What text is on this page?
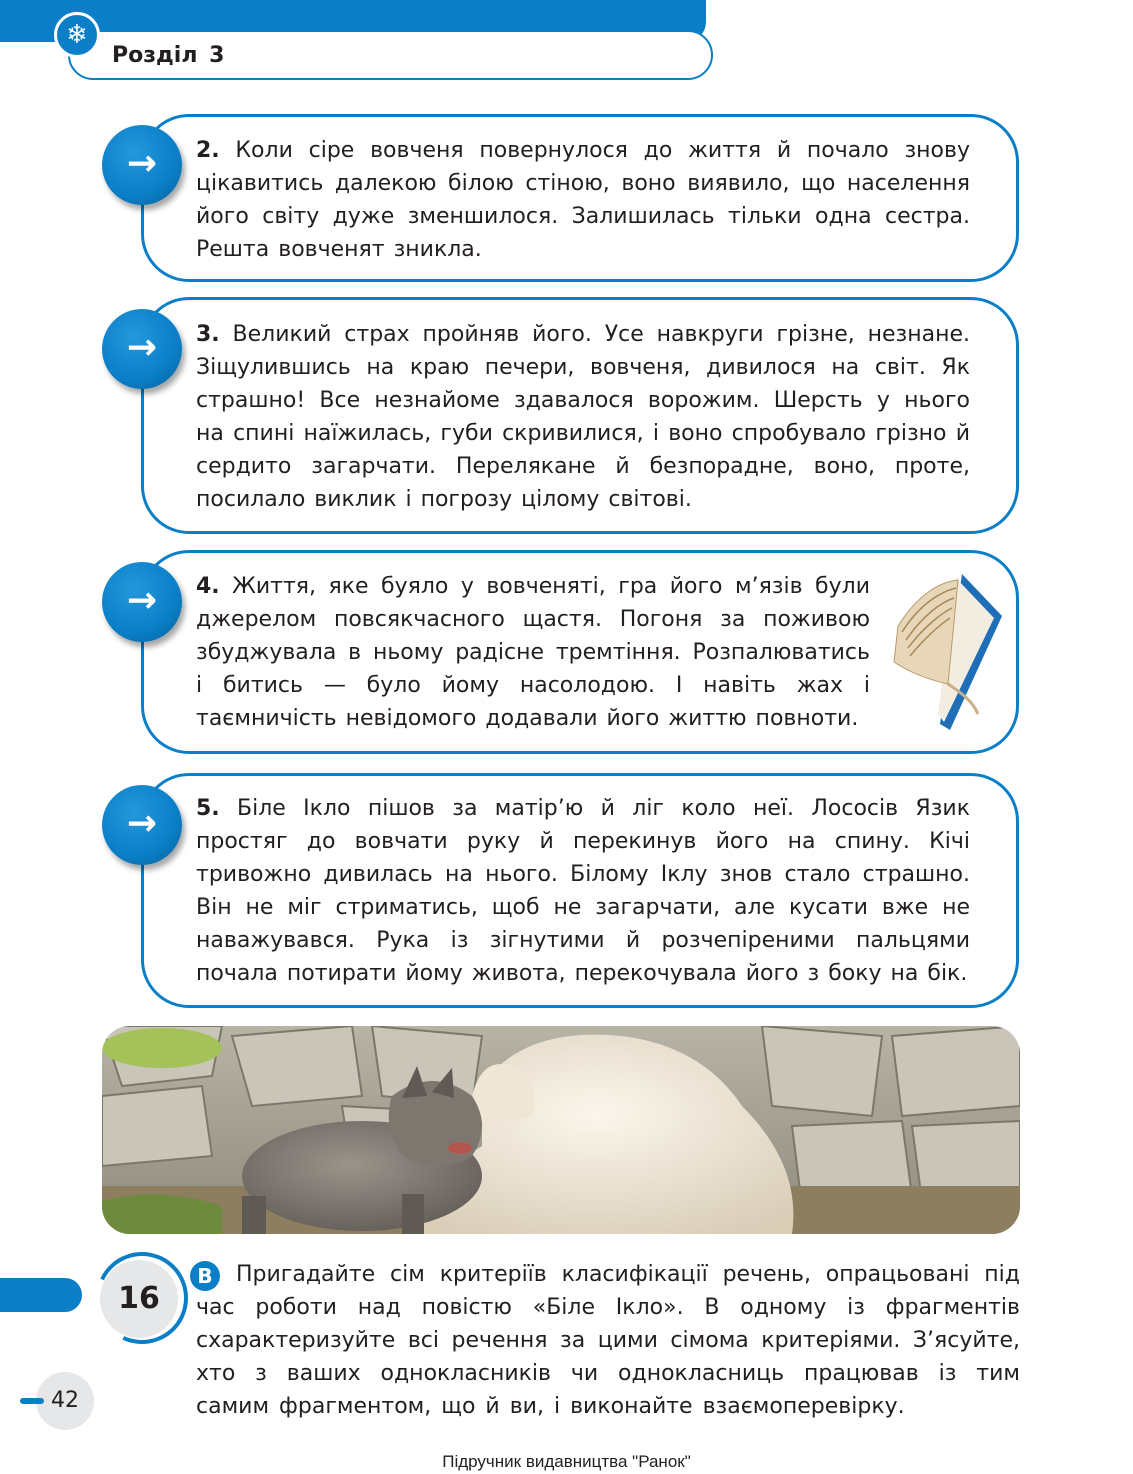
❄
Розділ 3
→	2. Коли сіре вовченя повернулося до життя й почало знову цікавитись далекою білою стіною, воно виявило, що населення його світу дуже зменшилося. Залишилась тільки одна сестра. Решта вовченят зникла.

→	3. Великий страх пройняв його. Усе навкруги грізне, незнане. Зіщулившись на краю печери, вовченя, дивилося на світ. Як страшно! Все незнайоме здавалося ворожим. Шерсть у нього на спині наїжилась, губи скривилися, і воно спробувало грізно й сердито загарчати. Перелякане й безпорадне, воно, проте, посилало виклик і погрозу цілому світові.

→	4. Життя, яке буяло у вовченяті, гра його м’язів були джерелом повсякчасного щастя. Погоня за поживою збуджувала в ньому радісне тремтіння. Розпалюватись і битись — було йому насолодою. І навіть жах і таємничість невідомого додавали його життю повноти.

→	5. Біле Ікло пішов за матір’ю й ліг коло неї. Лососів Язик простяг до вовчати руку й перекинув його на спину. Кічі тривожно дивилась на нього. Білому Іклу знов стало страшно. Він не міг стриматись, щоб не загарчати, але кусати вже не наважувався. Рука із зігнутими й розчепіреними пальцями почала потирати йому живота, перекочувала його з боку на бік.

16
В	Пригадайте сім критеріїв класифікації речень, опрацьовані під час роботи над повістю «Біле Ікло». В одному із фрагментів схарактеризуйте всі речення за цими сімома критеріями. З’ясуйте, хто з ваших однокласників чи однокласниць працював із тим самим фрагментом, що й ви, і виконайте взаємоперевірку.

42
Підручник видавництва "Ранок"
